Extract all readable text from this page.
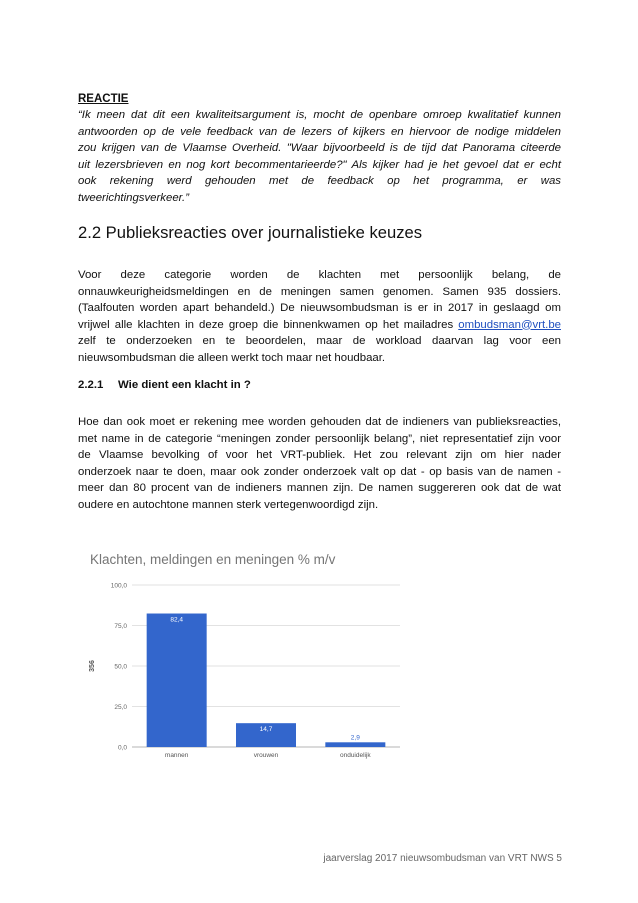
REACTIE
“Ik meen dat dit een kwaliteitsargument is, mocht de openbare omroep kwalitatief kunnen
antwoorden op de vele feedback van de lezers of kijkers en hiervoor de nodige middelen
zou krijgen van de Vlaamse Overheid. "Waar bijvoorbeeld is de tijd dat Panorama citeerde
uit lezersbrieven en nog kort becommentarieerde?" Als kijker had je het gevoel dat er echt
ook rekening werd gehouden met de feedback op het programma, er was
tweerichtingsverkeer.”
2.2 Publieksreacties over journalistieke keuzes
Voor deze categorie worden de klachten met persoonlijk belang, de
onnauwkeurigheidsmeldingen en de meningen samen genomen. Samen 935 dossiers.
(Taalfouten worden apart behandeld.) De nieuwsombudsman is er in 2017 in geslaagd om
vrijwel alle klachten in deze groep die binnenkwamen op het mailadres ombudsman@vrt.be
zelf te onderzoeken en te beoordelen, maar de workload daarvan lag voor een
nieuwsombudsman die alleen werkt toch maar net houdbaar.
2.2.1 Wie dient een klacht in ?
Hoe dan ook moet er rekening mee worden gehouden dat de indieners van publieksreacties,
met name in de categorie “meningen zonder persoonlijk belang”, niet representatief zijn voor
de Vlaamse bevolking of voor het VRT-publiek. Het zou relevant zijn om hier nader
onderzoek naar te doen, maar ook zonder onderzoek valt op dat - op basis van de namen -
meer dan 80 procent van de indieners mannen zijn. De namen suggereren ook dat de wat
oudere en autochtone mannen sterk vertegenwoordigd zijn.
Klachten, meldingen en meningen % m/v
356
0,0
25,0
50,0
75,0
100,0
82,4
mannen
14,7
vrouwen
2,9
onduidelijk
jaarverslag 2017 nieuwsombudsman van VRT NWS 5
